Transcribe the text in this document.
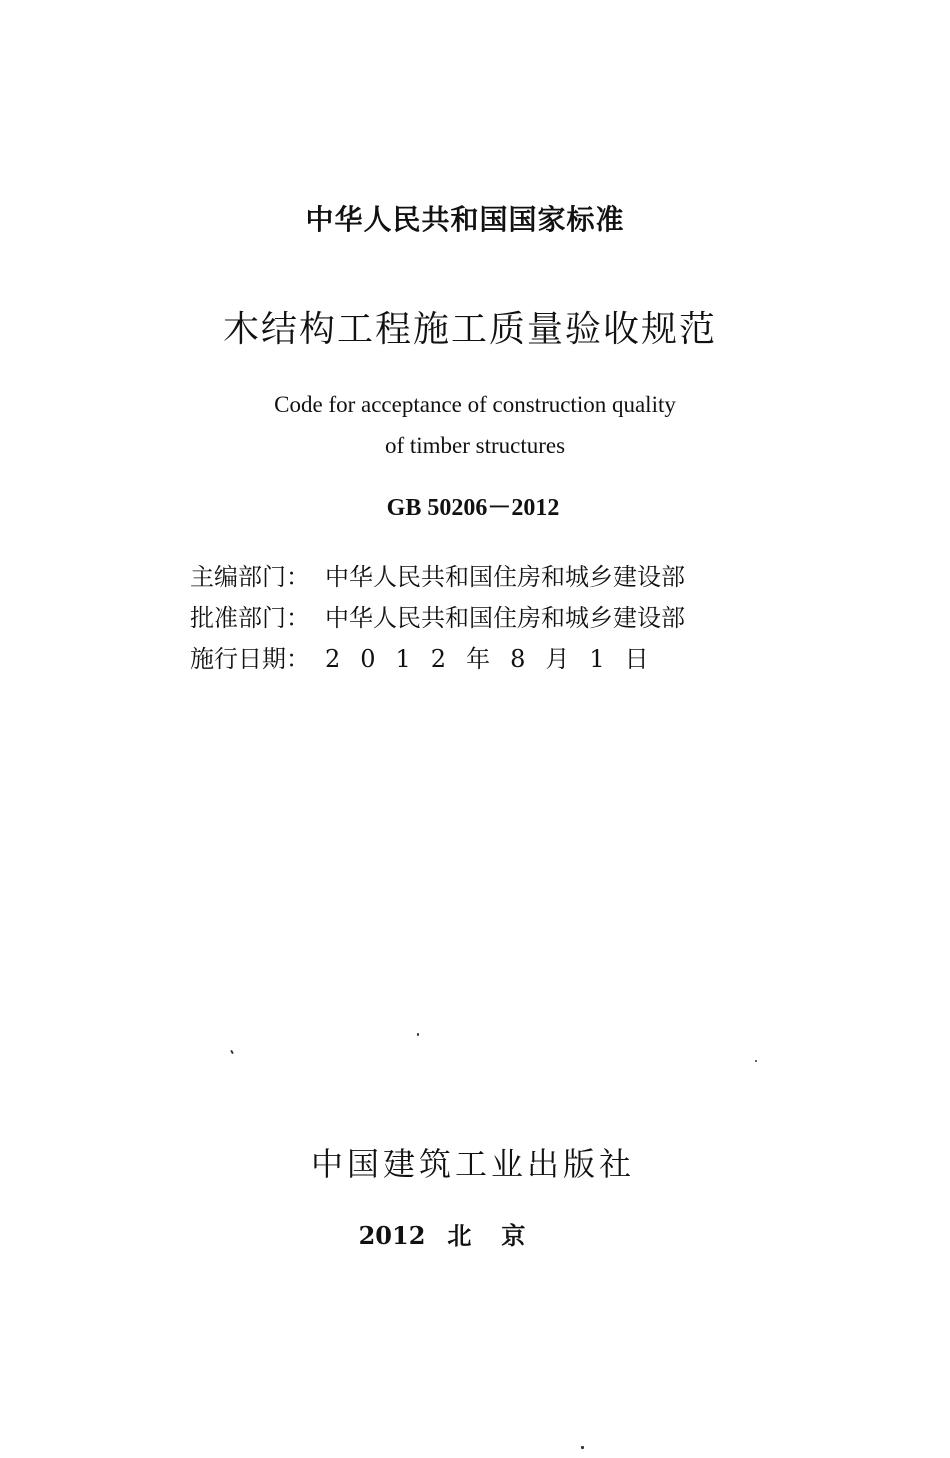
中华人民共和国国家标准
木结构工程施工质量验收规范
Code for acceptance of construction quality
of timber structures
GB 50206－2012
主编部门： 中华人民共和国住房和城乡建设部
批准部门： 中华人民共和国住房和城乡建设部
施行日期： 2012年8月1日
中国建筑工业出版社
2012 北京
